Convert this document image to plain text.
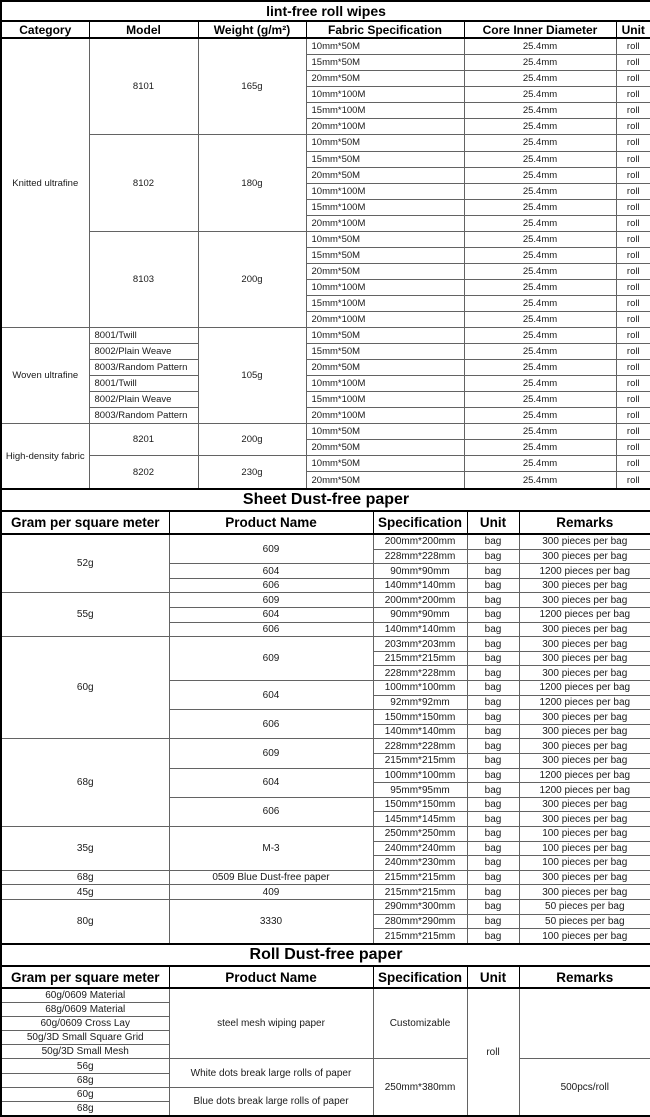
lint-free roll wipes					
Category	Model	Weight (g/m²)	Fabric Specification	Core Inner Diameter	Unit
Knitted ultrafine	8101	165g	10mm*50M	25.4mm	roll
			15mm*50M	25.4mm	roll
			20mm*50M	25.4mm	roll
			10mm*100M	25.4mm	roll
			15mm*100M	25.4mm	roll
			20mm*100M	25.4mm	roll
	8102	180g	10mm*50M	25.4mm	roll
			15mm*50M	25.4mm	roll
			20mm*50M	25.4mm	roll
			10mm*100M	25.4mm	roll
			15mm*100M	25.4mm	roll
			20mm*100M	25.4mm	roll
	8103	200g	10mm*50M	25.4mm	roll
			15mm*50M	25.4mm	roll
			20mm*50M	25.4mm	roll
			10mm*100M	25.4mm	roll
			15mm*100M	25.4mm	roll
			20mm*100M	25.4mm	roll
Woven ultrafine	8001/Twill	105g	10mm*50M	25.4mm	roll
	8002/Plain Weave		15mm*50M	25.4mm	roll
	8003/Random Pattern		20mm*50M	25.4mm	roll
	8001/Twill		10mm*100M	25.4mm	roll
	8002/Plain Weave		15mm*100M	25.4mm	roll
	8003/Random Pattern		20mm*100M	25.4mm	roll
High-density fabric	8201	200g	10mm*50M	25.4mm	roll
			20mm*50M	25.4mm	roll
	8202	230g	10mm*50M	25.4mm	roll
			20mm*50M	25.4mm	roll
Sheet Dust-free paper				
Gram per square meter	Product Name	Specification	Unit	Remarks
52g	609	200mm*200mm	bag	300 pieces per bag
		228mm*228mm	bag	300 pieces per bag
	604	90mm*90mm	bag	1200 pieces per bag
	606	140mm*140mm	bag	300 pieces per bag
55g	609	200mm*200mm	bag	300 pieces per bag
	604	90mm*90mm	bag	1200 pieces per bag
	606	140mm*140mm	bag	300 pieces per bag
60g	609	203mm*203mm	bag	300 pieces per bag
		215mm*215mm	bag	300 pieces per bag
		228mm*228mm	bag	300 pieces per bag
	604	100mm*100mm	bag	1200 pieces per bag
		92mm*92mm	bag	1200 pieces per bag
	606	150mm*150mm	bag	300 pieces per bag
		140mm*140mm	bag	300 pieces per bag
68g	609	228mm*228mm	bag	300 pieces per bag
		215mm*215mm	bag	300 pieces per bag
	604	100mm*100mm	bag	1200 pieces per bag
		95mm*95mm	bag	1200 pieces per bag
	606	150mm*150mm	bag	300 pieces per bag
		145mm*145mm	bag	300 pieces per bag
35g	M-3	250mm*250mm	bag	100 pieces per bag
		240mm*240mm	bag	100 pieces per bag
		240mm*230mm	bag	100 pieces per bag
68g	0509 Blue Dust-free paper	215mm*215mm	bag	300 pieces per bag
45g	409	215mm*215mm	bag	300 pieces per bag
80g	3330	290mm*300mm	bag	50 pieces per bag
		280mm*290mm	bag	50 pieces per bag
		215mm*215mm	bag	100 pieces per bag
Roll Dust-free paper				
Gram per square meter	Product Name	Specification	Unit	Remarks
60g/0609 Material	steel mesh wiping paper	Customizable	roll	
68g/0609 Material				
60g/0609 Cross Lay				
50g/3D Small Square Grid				
50g/3D Small Mesh				
56g	White dots break large rolls of paper	250mm*380mm		500pcs/roll
68g				
60g	Blue dots break large rolls of paper			
68g				
